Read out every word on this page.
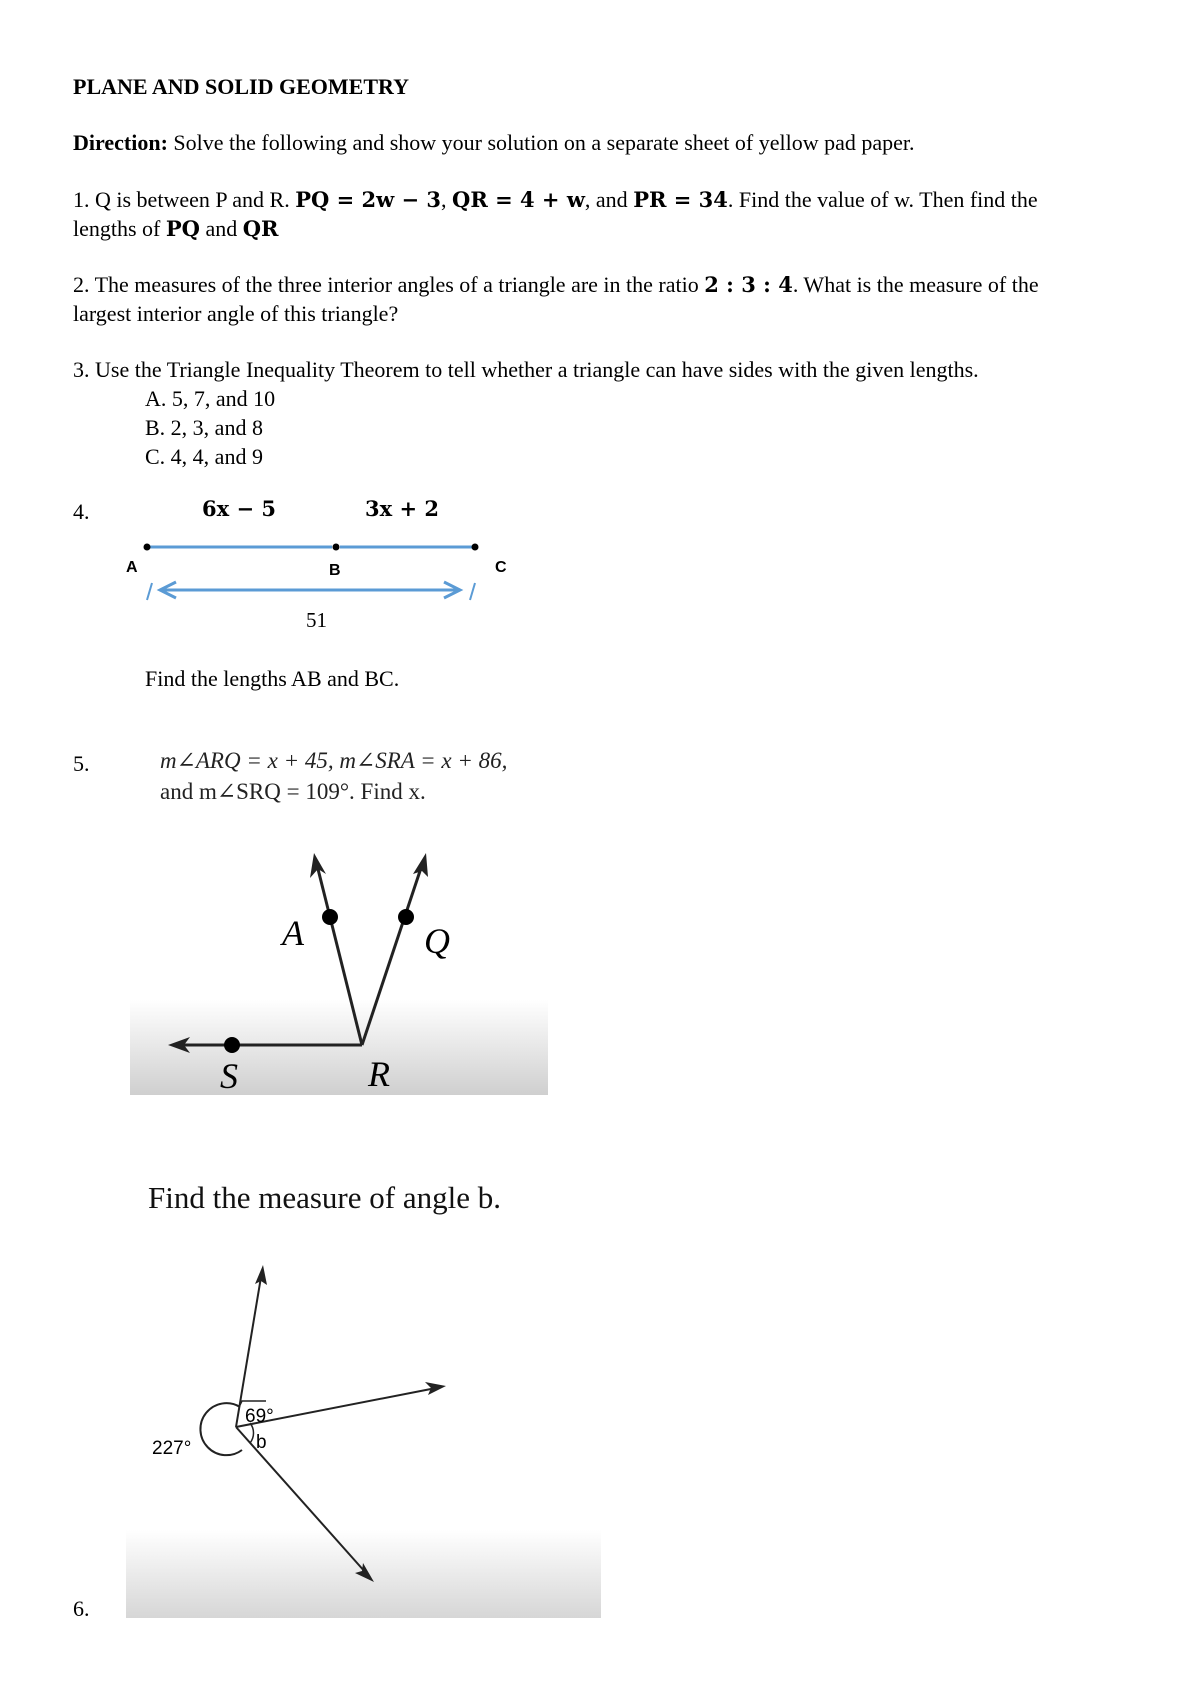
PLANE AND SOLID GEOMETRY
Direction: Solve the following and show your solution on a separate sheet of yellow pad paper.
1. Q is between P and R. PQ = 2w − 3, QR = 4 + w, and PR = 34. Find the value of w. Then find the
lengths of PQ and QR
2. The measures of the three interior angles of a triangle are in the ratio 2 : 3 : 4. What is the measure of the
largest interior angle of this triangle?
3. Use the Triangle Inequality Theorem to tell whether a triangle can have sides with the given lengths.
A. 5, 7, and 10
B. 2, 3, and 8
C. 4, 4, and 9
4.	6x − 5	3x + 2
A	B	C
51
Find the lengths AB and BC.
5.	m∠ARQ = x + 45, m∠SRA = x + 86,
and m∠SRQ = 109°. Find x.
A	Q
S	R
Find the measure of angle b.
69°
227°	b
6.
